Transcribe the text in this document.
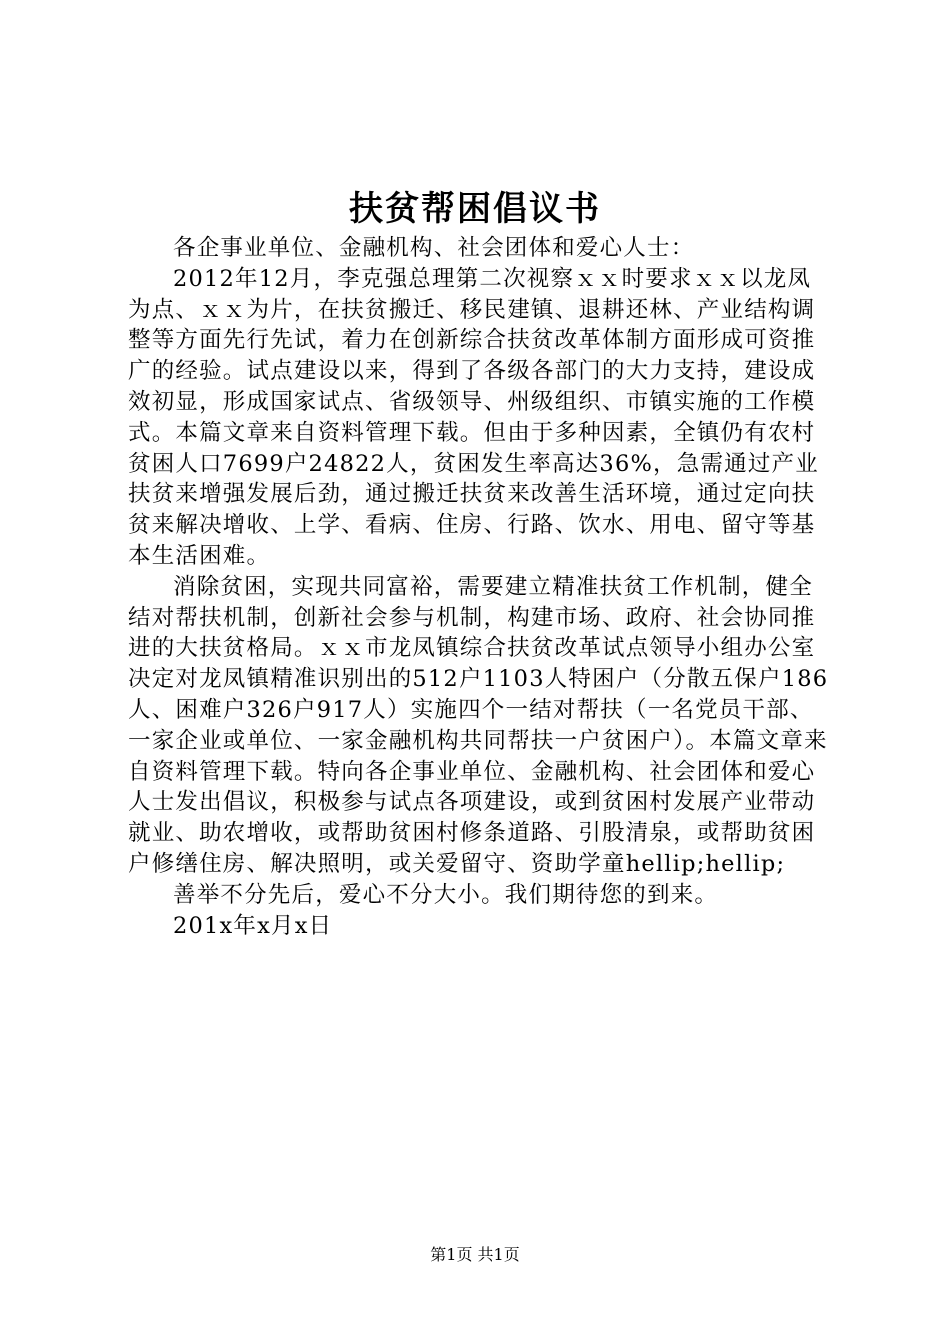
扶贫帮困倡议书

各企事业单位、金融机构、社会团体和爱心人士：

2012年12月，李克强总理第二次视察ｘｘ时要求ｘｘ以龙凤为点、ｘｘ为片，在扶贫搬迁、移民建镇、退耕还林、产业结构调整等方面先行先试，着力在创新综合扶贫改革体制方面形成可资推广的经验。试点建设以来，得到了各级各部门的大力支持，建设成效初显，形成国家试点、省级领导、州级组织、市镇实施的工作模式。本篇文章来自资料管理下载。但由于多种因素，全镇仍有农村贫困人口7699户24822人，贫困发生率高达36%，急需通过产业扶贫来增强发展后劲，通过搬迁扶贫来改善生活环境，通过定向扶贫来解决增收、上学、看病、住房、行路、饮水、用电、留守等基本生活困难。

消除贫困，实现共同富裕，需要建立精准扶贫工作机制，健全结对帮扶机制，创新社会参与机制，构建市场、政府、社会协同推进的大扶贫格局。ｘｘ市龙凤镇综合扶贫改革试点领导小组办公室决定对龙凤镇精准识别出的512户1103人特困户（分散五保户186人、困难户326户917人）实施四个一结对帮扶（一名党员干部、一家企业或单位、一家金融机构共同帮扶一户贫困户）。本篇文章来自资料管理下载。特向各企事业单位、金融机构、社会团体和爱心人士发出倡议，积极参与试点各项建设，或到贫困村发展产业带动就业、助农增收，或帮助贫困村修条道路、引股清泉，或帮助贫困户修缮住房、解决照明，或关爱留守、资助学童hellip;hellip;

善举不分先后，爱心不分大小。我们期待您的到来。

201x年x月x日

第1页 共1页
